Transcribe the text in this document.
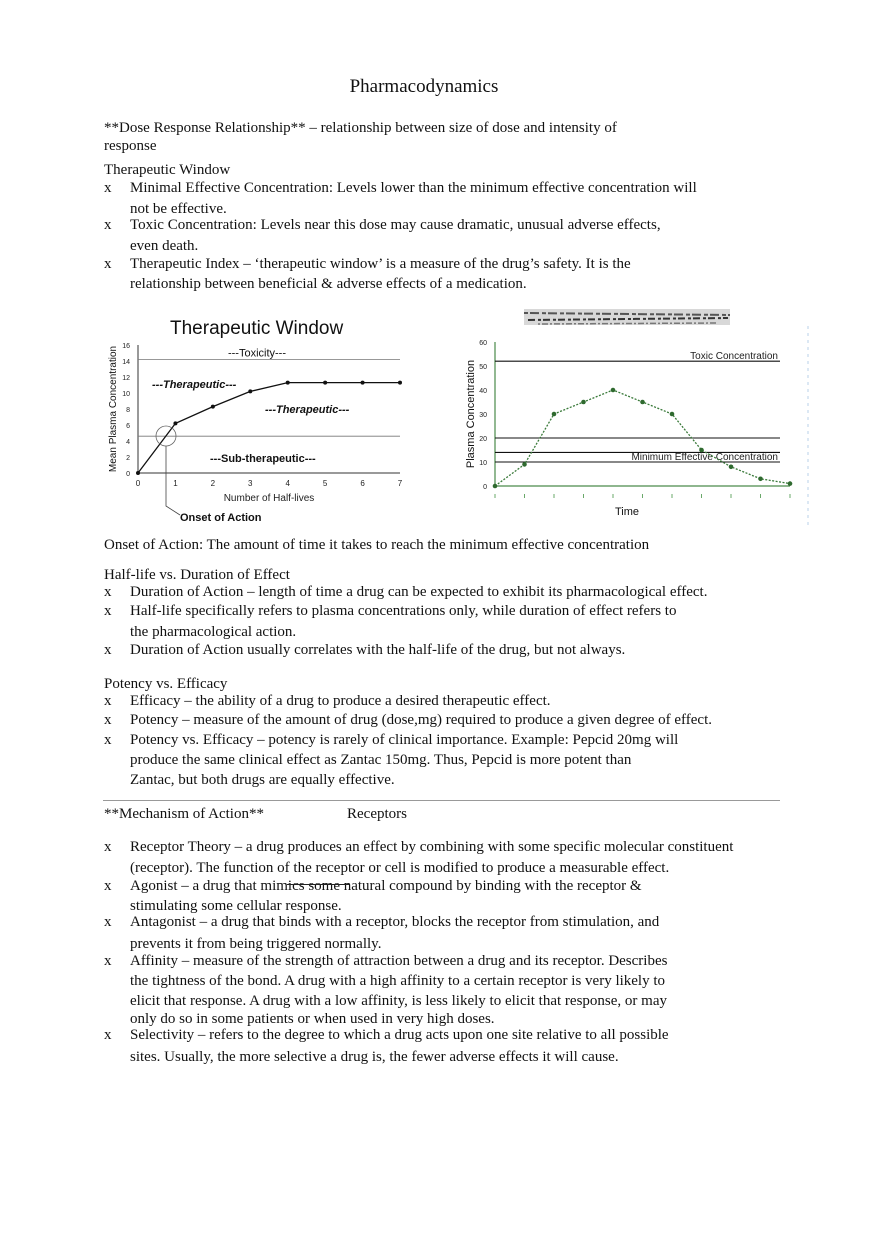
Pharmacodynamics
**Dose Response Relationship** – relationship between size of dose and intensity of
response
Therapeutic Window
x Minimal Effective Concentration: Levels lower than the minimum effective concentration will
not be effective.
x Toxic Concentration: Levels near this dose may cause dramatic, unusual adverse effects,
even death.
x Therapeutic Index – ‘therapeutic window’ is a measure of the drug’s safety. It is the
relationship between beneficial & adverse effects of a medication.
Therapeutic Window
0
2
4
6
8
10
12
14
16
0	1	2	3	4	5	6	7
Mean Plasma Concentration
Number of Half-lives
---Toxicity---
---Therapeutic---
---Therapeutic---
---Sub-therapeutic---
Onset of Action
0
10
20
30
40
50
60
Plasma Concentration
Time
Toxic Concentration
Minimum Effective Concentration
Onset of Action: The amount of time it takes to reach the minimum effective concentration
Half-life vs. Duration of Effect
x Duration of Action – length of time a drug can be expected to exhibit its pharmacological effect.
x Half-life specifically refers to plasma concentrations only, while duration of effect refers to
the pharmacological action.
x Duration of Action usually correlates with the half-life of the drug, but not always.
Potency vs. Efficacy
x Efficacy – the ability of a drug to produce a desired therapeutic effect.
x Potency – measure of the amount of drug (dose,mg) required to produce a given degree of effect.
x Potency vs. Efficacy – potency is rarely of clinical importance. Example: Pepcid 20mg will
produce the same clinical effect as Zantac 150mg. Thus, Pepcid is more potent than
Zantac, but both drugs are equally effective.
**Mechanism of Action**	Receptors
x Receptor Theory – a drug produces an effect by combining with some specific molecular constituent
(receptor). The function of the receptor or cell is modified to produce a measurable effect.
x Agonist – a drug that mimics some natural compound by binding with the receptor &
stimulating some cellular response.
x Antagonist – a drug that binds with a receptor, blocks the receptor from stimulation, and
prevents it from being triggered normally.
x Affinity – measure of the strength of attraction between a drug and its receptor. Describes
the tightness of the bond. A drug with a high affinity to a certain receptor is very likely to
elicit that response. A drug with a low affinity, is less likely to elicit that response, or may
only do so in some patients or when used in very high doses.
x Selectivity – refers to the degree to which a drug acts upon one site relative to all possible
sites. Usually, the more selective a drug is, the fewer adverse effects it will cause.
